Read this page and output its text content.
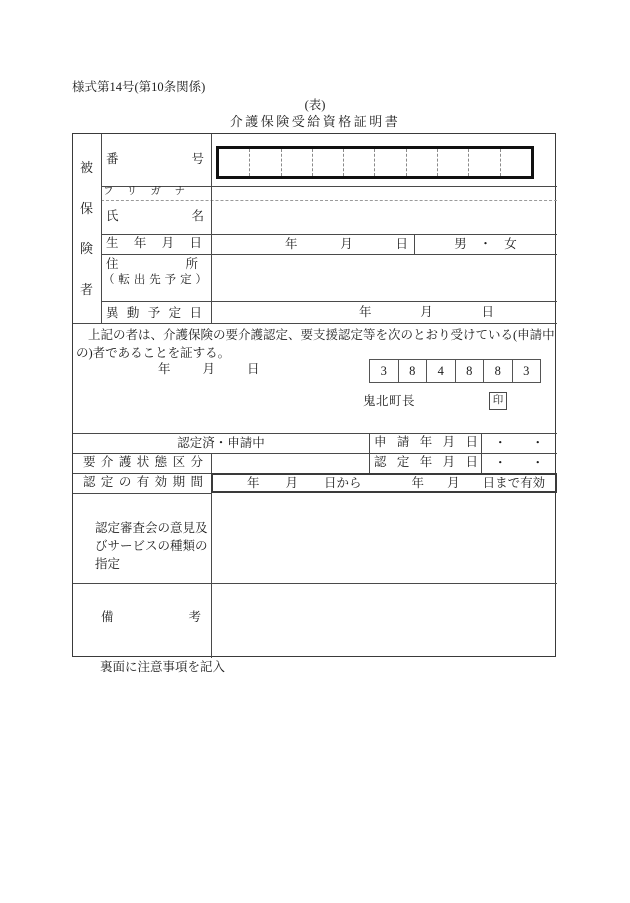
様式第14号(第10条関係)
(表)
介護保険受給資格証明書
被
保
険
者
番号
フリガナ
氏名
生年月日	年	月	日	男　・　女
住所
（転出先予定）
異動予定日	年	月	日
上記の者は、介護保険の要介護認定、要支援認定等を次のとおり受けている(申請中
の)者であることを証する。
年	月	日	3	8	4	8	8	3
鬼北町長	印
認定済・申請中	申請年月日	・　　・
要介護状態区分	認定年月日	・　　・
認定の有効期間	年 月 日から	年 月 日まで有効
認定審査会の意見及
びサービスの種類の
指定
備考
裏面に注意事項を記入
